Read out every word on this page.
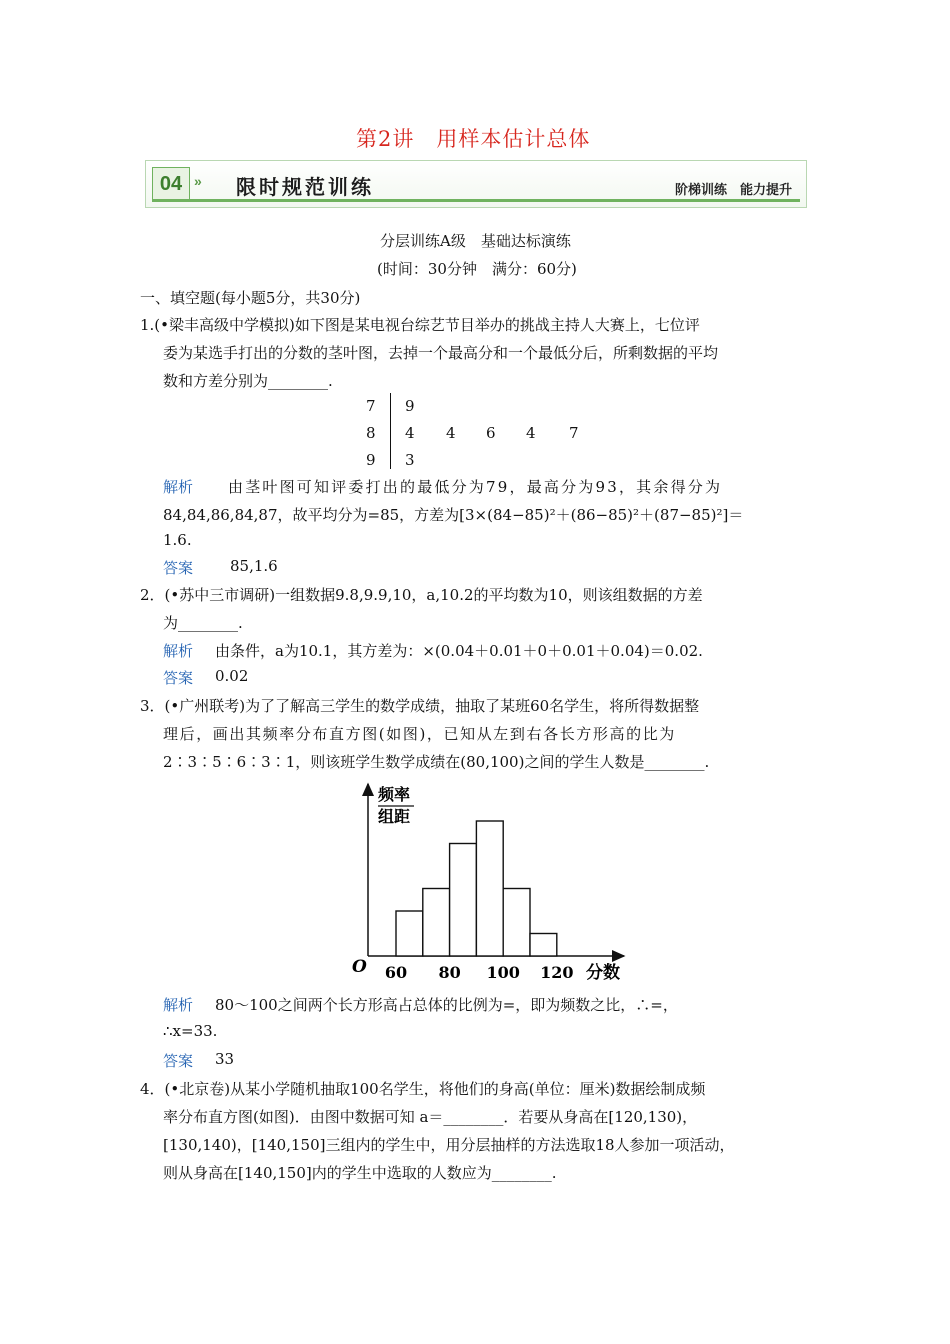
第2讲　用样本估计总体
04 » 限时规范训练	阶梯训练　能力提升
分层训练A级　基础达标演练
(时间：30分钟　满分：60分)
一、填空题(每小题5分，共30分)
1.(•梁丰高级中学模拟)如下图是某电视台综艺节目举办的挑战主持人大赛上，七位评
委为某选手打出的分数的茎叶图，去掉一个最高分和一个最低分后，所剩数据的平均
数和方差分别为________.
7
8
9
9
4 4 6 4 7
3
解析 由茎叶图可知评委打出的最低分为79，最高分为93，其余得分为
84,84,86,84,87，故平均分为=85，方差为[3×(84−85)²＋(86−85)²＋(87−85)²]＝
1.6.
答案 85,1.6
2．(•苏中三市调研)一组数据9.8,9.9,10，a,10.2的平均数为10，则该组数据的方差
为________.
解析 由条件，a为10.1，其方差为：×(0.04＋0.01＋0＋0.01＋0.04)＝0.02.
答案 0.02
3．(•广州联考)为了了解高三学生的数学成绩，抽取了某班60名学生，将所得数据整
理后，画出其频率分布直方图(如图)，已知从左到右各长方形高的比为
2∶3∶5∶6∶3∶1，则该班学生数学成绩在(80,100)之间的学生人数是________.
频率
组距
O 60 80 100 120 分数
解析 80～100之间两个长方形高占总体的比例为=，即为频数之比，∴=，
∴x=33.
答案 33
4．(•北京卷)从某小学随机抽取100名学生，将他们的身高(单位：厘米)数据绘制成频
率分布直方图(如图)．由图中数据可知 a＝________．若要从身高在[120,130)，
[130,140)，[140,150]三组内的学生中，用分层抽样的方法选取18人参加一项活动，
则从身高在[140,150]内的学生中选取的人数应为________.
